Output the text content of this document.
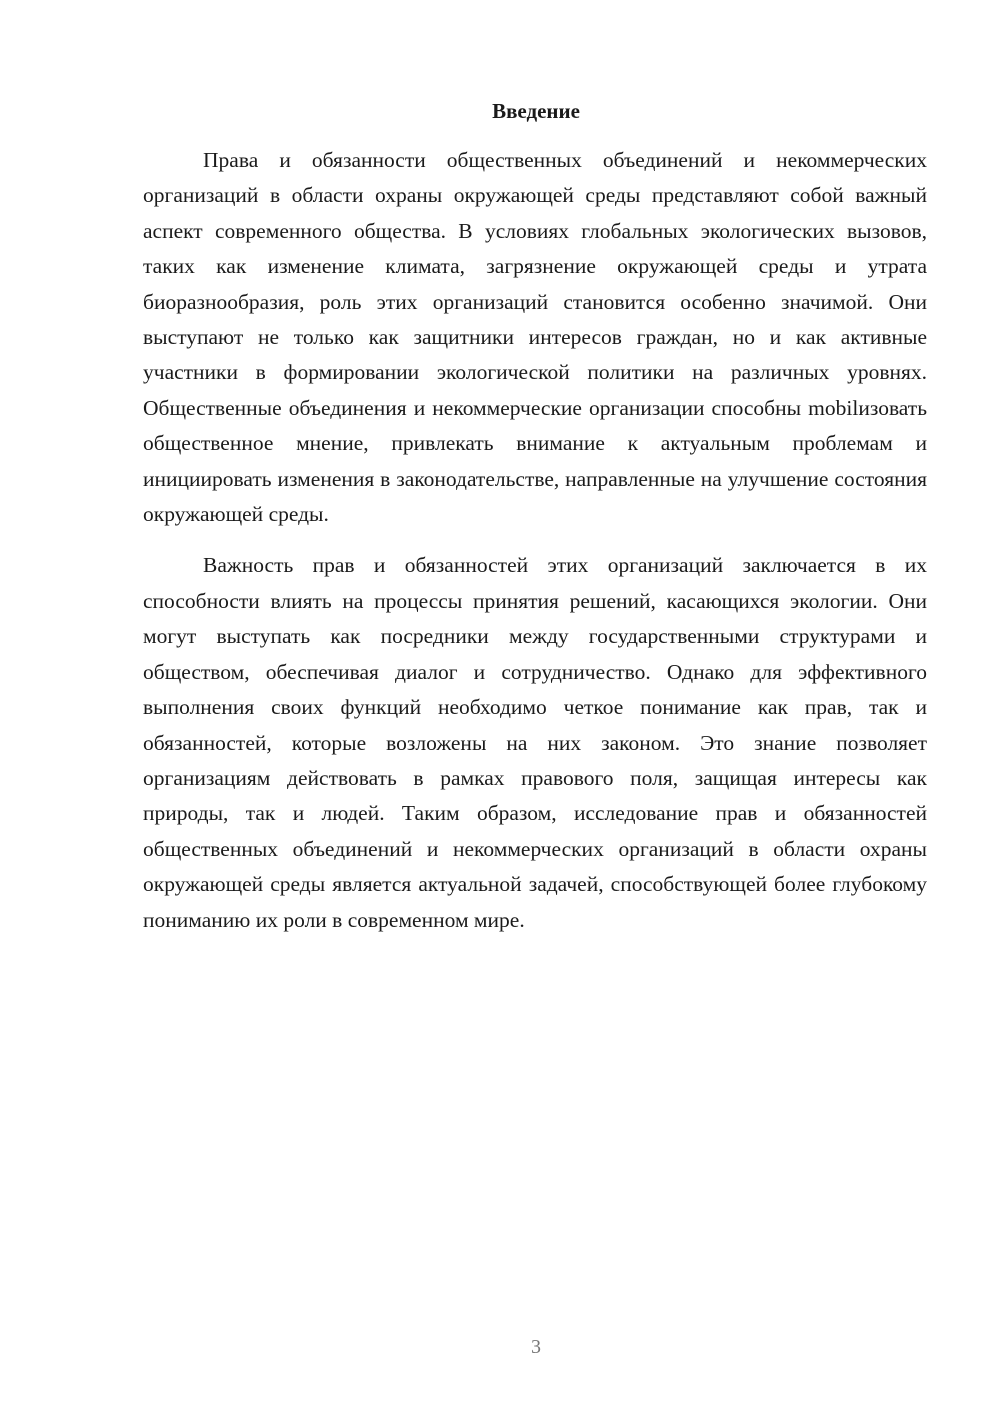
Введение

Права и обязанности общественных объединений и некоммерческих организаций в области охраны окружающей среды представляют собой важный аспект современного общества. В условиях глобальных экологических вызовов, таких как изменение климата, загрязнение окружающей среды и утрата биоразнообразия, роль этих организаций становится особенно значимой. Они выступают не только как защитники интересов граждан, но и как активные участники в формировании экологической политики на различных уровнях. Общественные объединения и некоммерческие организации способны mobilизовать общественное мнение, привлекать внимание к актуальным проблемам и инициировать изменения в законодательстве, направленные на улучшение состояния окружающей среды.

Важность прав и обязанностей этих организаций заключается в их способности влиять на процессы принятия решений, касающихся экологии. Они могут выступать как посредники между государственными структурами и обществом, обеспечивая диалог и сотрудничество. Однако для эффективного выполнения своих функций необходимо четкое понимание как прав, так и обязанностей, которые возложены на них законом. Это знание позволяет организациям действовать в рамках правового поля, защищая интересы как природы, так и людей. Таким образом, исследование прав и обязанностей общественных объединений и некоммерческих организаций в области охраны окружающей среды является актуальной задачей, способствующей более глубокому пониманию их роли в современном мире.

3
